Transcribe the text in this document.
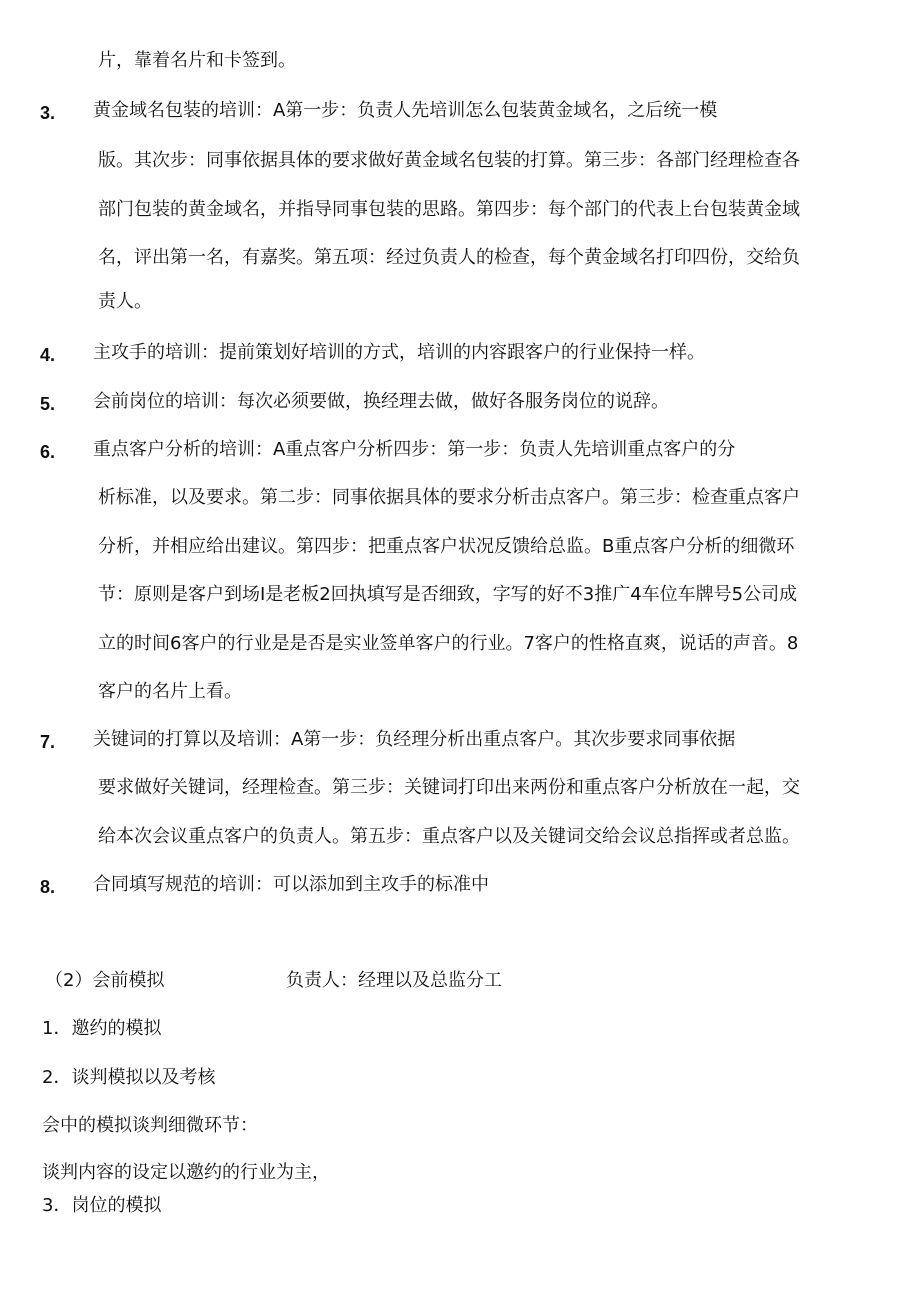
片，靠着名片和卡签到。
3. 黄金域名包装的培训：A第一步：负责人先培训怎么包装黄金域名，之后统一模
版。其次步：同事依据具体的要求做好黄金域名包装的打算。第三步：各部门经理检查各
部门包装的黄金域名，并指导同事包装的思路。第四步：每个部门的代表上台包装黄金域
名，评出第一名，有嘉奖。第五项：经过负责人的检查，每个黄金域名打印四份，交给负
责人。
4. 主攻手的培训：提前策划好培训的方式，培训的内容跟客户的行业保持一样。
5. 会前岗位的培训：每次必须要做，换经理去做，做好各服务岗位的说辞。
6. 重点客户分析的培训：A重点客户分析四步：第一步：负责人先培训重点客户的分
析标准，以及要求。第二步：同事依据具体的要求分析击点客户。第三步：检查重点客户
分析，并相应给出建议。第四步：把重点客户状况反馈给总监。B重点客户分析的细微环
节：原则是客户到场I是老板2回执填写是否细致，字写的好不3推广4车位车牌号5公司成
立的时间6客户的行业是是否是实业签单客户的行业。7客户的性格直爽，说话的声音。8
客户的名片上看。
7. 关键词的打算以及培训：A第一步：负经理分析出重点客户。其次步要求同事依据
要求做好关键词，经理检查。第三步：关键词打印出来两份和重点客户分析放在一起，交
给本次会议重点客户的负责人。第五步：重点客户以及关键词交给会议总指挥或者总监。
8. 合同填写规范的培训：可以添加到主攻手的标准中
（2）会前模拟	负责人：经理以及总监分工
1．邀约的模拟
2．谈判模拟以及考核
会中的模拟谈判细微环节：
谈判内容的设定以邀约的行业为主，
3．岗位的模拟
